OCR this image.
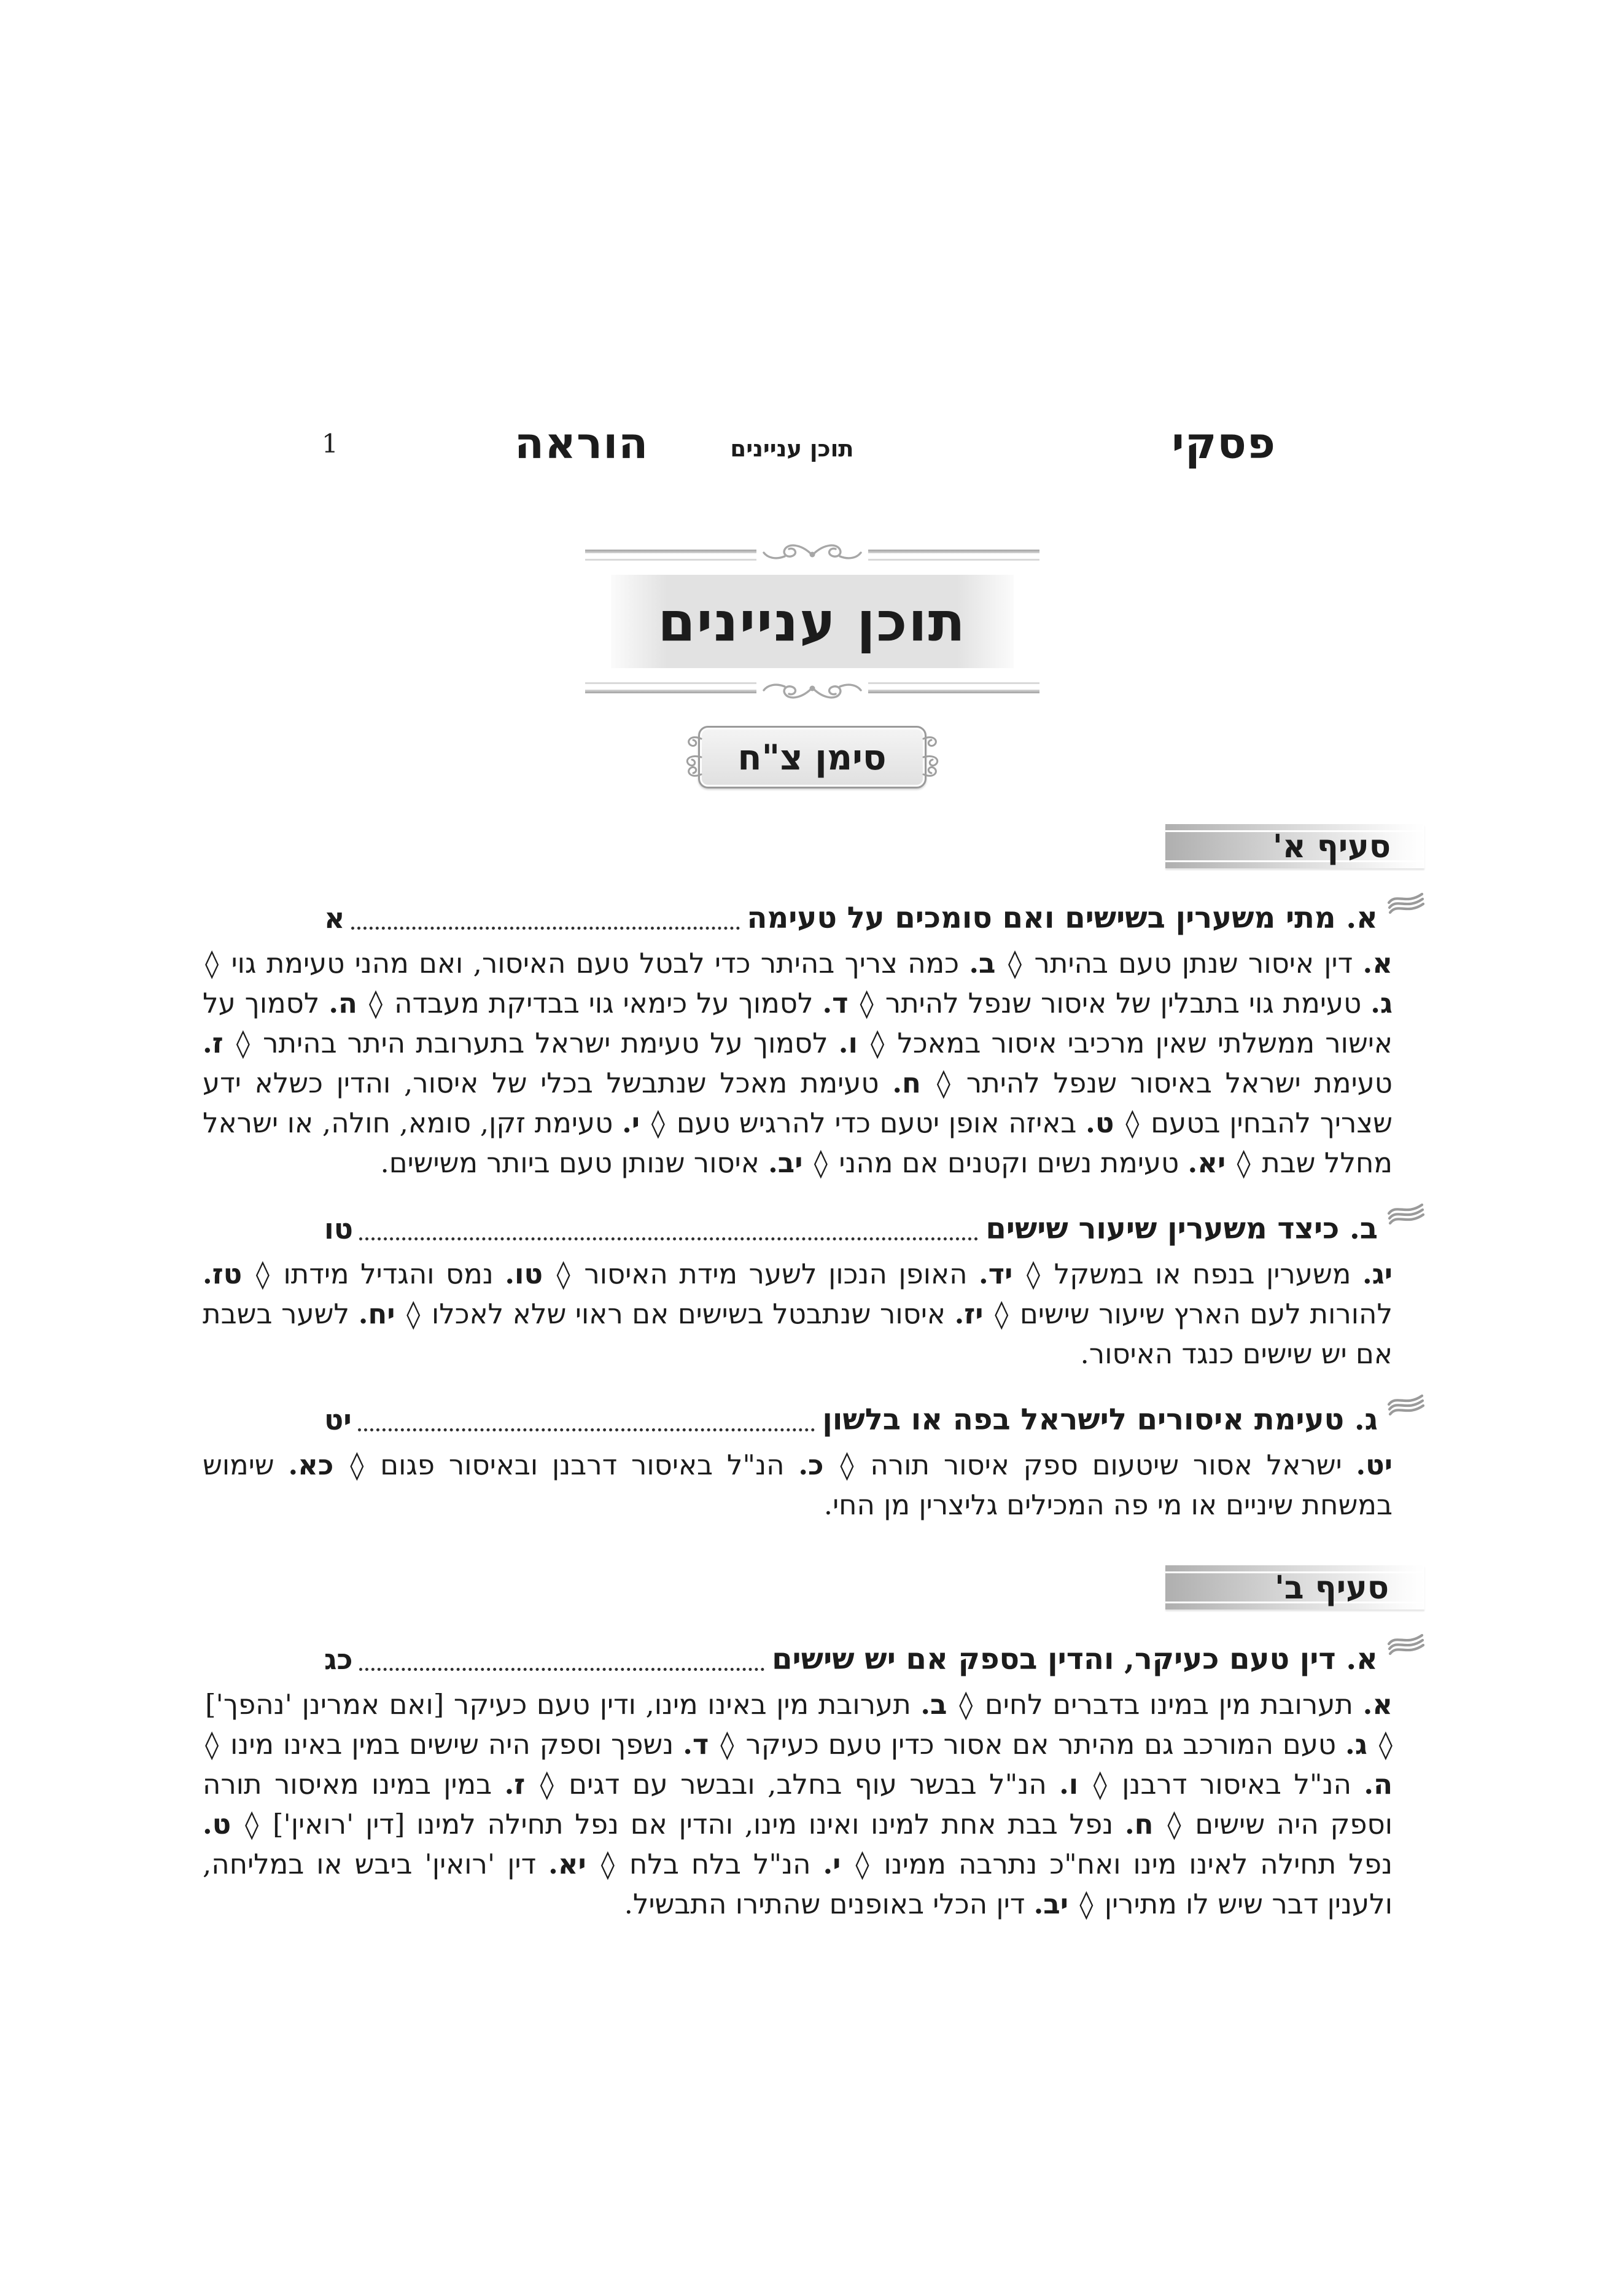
פסקי
תוכן עניינים
הוראה
1
תוכן עניינים
סימן צ"ח
סעיף א'
א. מתי משערין בשישים ואם סומכים על טעימה
א

א. דין איסור שנתן טעם בהיתר ◊ ב. כמה צריך בהיתר כדי לבטל טעם האיסור, ואם מהני טעימת גוי ◊ ג. טעימת גוי בתבלין של איסור שנפל להיתר ◊ ד. לסמוך על כימאי גוי בבדיקת מעבדה ◊ ה. לסמוך על אישור ממשלתי שאין מרכיבי איסור במאכל ◊ ו. לסמוך על טעימת ישראל בתערובת היתר בהיתר ◊ ז. טעימת ישראל באיסור שנפל להיתר ◊ ח. טעימת מאכל שנתבשל בכלי של איסור, והדין כשלא ידע שצריך להבחין בטעם ◊ ט. באיזה אופן יטעם כדי להרגיש טעם ◊ י. טעימת זקן, סומא, חולה, או ישראל מחלל שבת ◊ יא. טעימת נשים וקטנים אם מהני ◊ יב. איסור שנותן טעם ביותר משישים.

ב. כיצד משערין שיעור שישים
טו

יג. משערין בנפח או במשקל ◊ יד. האופן הנכון לשער מידת האיסור ◊ טו. נמס והגדיל מידתו ◊ טז. להורות לעם הארץ שיעור שישים ◊ יז. איסור שנתבטל בשישים אם ראוי שלא לאכלו ◊ יח. לשער בשבת אם יש שישים כנגד האיסור.

ג. טעימת איסורים לישראל בפה או בלשון
יט

יט. ישראל אסור שיטעום ספק איסור תורה ◊ כ. הנ"ל באיסור דרבנן ובאיסור פגום ◊ כא. שימוש במשחת שיניים או מי פה המכילים גליצרין מן החי.

סעיף ב'
א. דין טעם כעיקר, והדין בספק אם יש שישים
כג

א. תערובת מין במינו בדברים לחים ◊ ב. תערובת מין באינו מינו, ודין טעם כעיקר [ואם אמרינן 'נהפך'] ◊ ג. טעם המורכב גם מהיתר אם אסור כדין טעם כעיקר ◊ ד. נשפך וספק היה שישים במין באינו מינו ◊ ה. הנ"ל באיסור דרבנן ◊ ו. הנ"ל בבשר עוף בחלב, ובבשר עם דגים ◊ ז. במין במינו מאיסור תורה וספק היה שישים ◊ ח. נפל בבת אחת למינו ואינו מינו, והדין אם נפל תחילה למינו [דין 'רואין'] ◊ ט. נפל תחילה לאינו מינו ואח"כ נתרבה ממינו ◊ י. הנ"ל בלח בלח ◊ יא. דין 'רואין' ביבש או במליחה, ולענין דבר שיש לו מתירין ◊ יב. דין הכלי באופנים שהתירו התבשיל.
